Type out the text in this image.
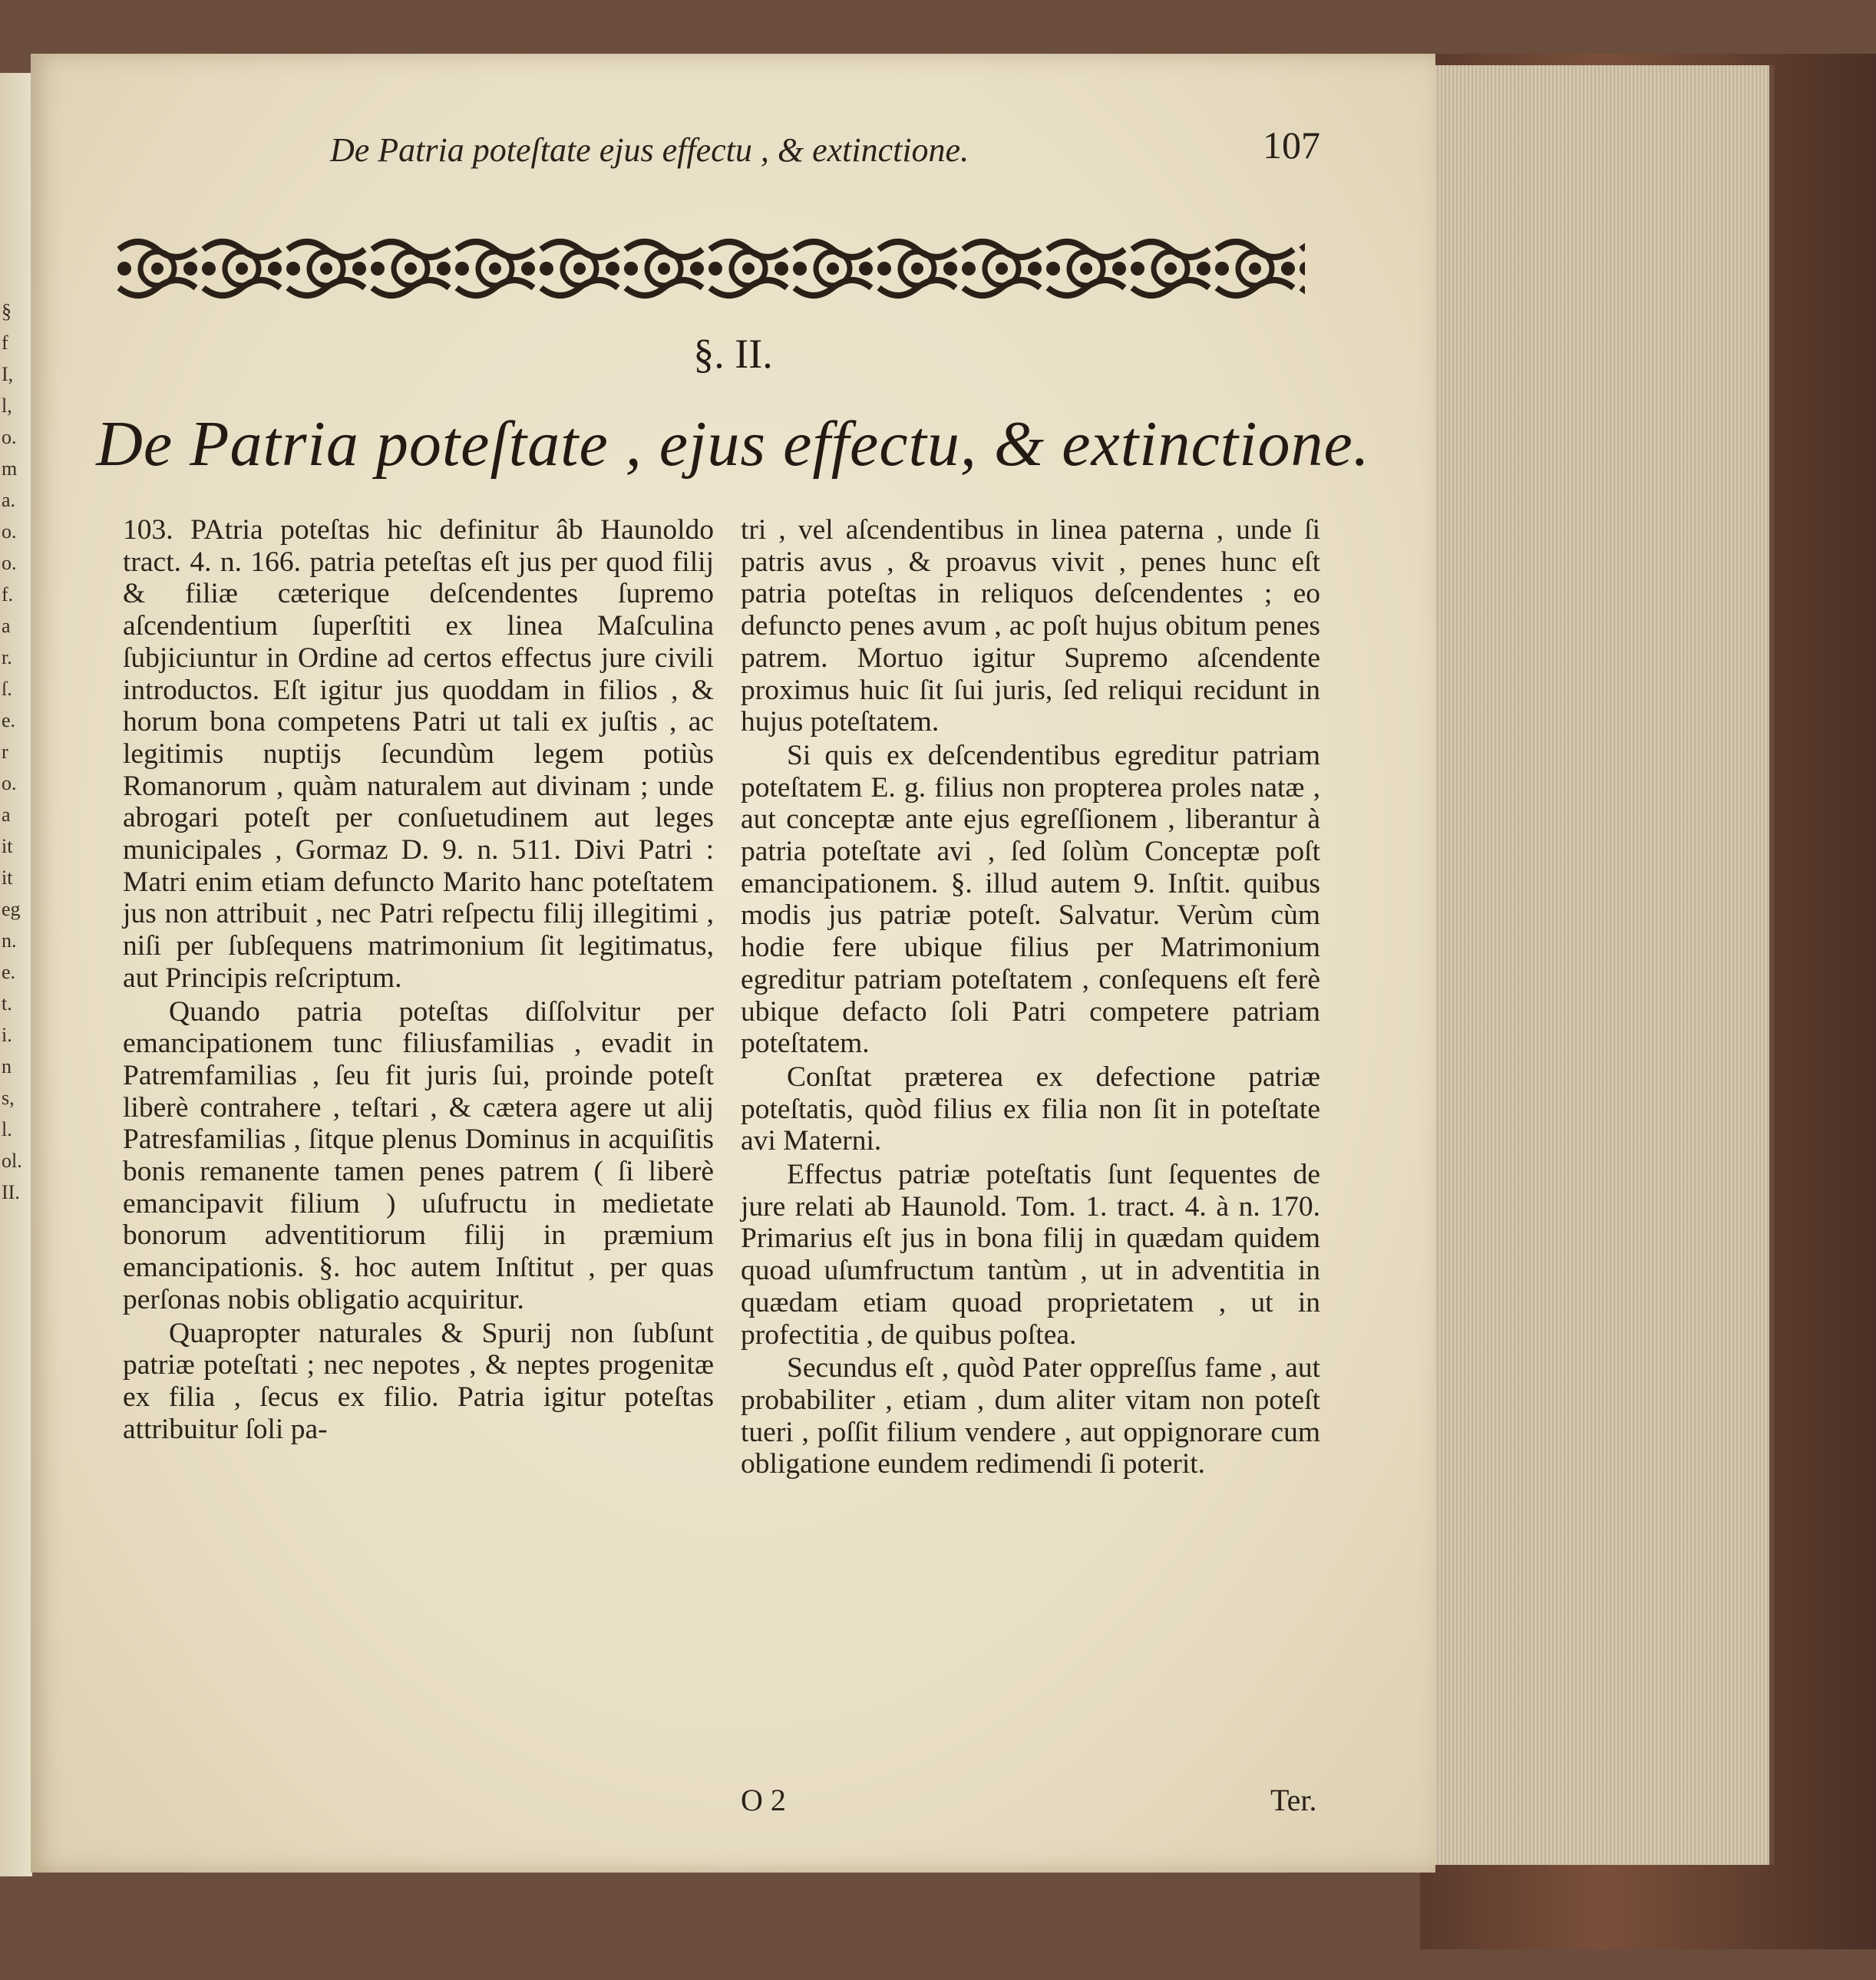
§
f
I,
l,
o.
m
a.
o.
o.
f.
a
r.
ſ.
e.
r
o.
a
it
it
eg
n.
e.
t.
i.
n
s,
l.
ol.
II.
De Patria poteſtate ejus effectu , & extinctione.	107
§. II.
De Patria poteſtate , ejus effectu, & extinctione.

103. PAtria poteſtas hic definitur âb Haunoldo tract. 4. n. 166. patria peteſtas eſt jus per quod filij & filiæ cæterique deſcendentes ſupremo aſcendentium ſuperſtiti ex linea Maſculina ſubjiciuntur in Ordine ad certos effectus jure civili introductos. Eſt igitur jus quoddam in filios , & horum bona competens Patri ut tali ex juſtis , ac legitimis nuptijs ſecundùm legem potiùs Romanorum , quàm naturalem aut divinam ; unde abrogari poteſt per conſuetudinem aut leges municipales , Gormaz D. 9. n. 511. Divi Patri : Matri enim etiam defuncto Marito hanc poteſtatem jus non attribuit , nec Patri reſpectu filij illegitimi , niſi per ſubſequens matrimonium ſit legitimatus, aut Principis reſcriptum.

Quando patria poteſtas diſſolvitur per emancipationem tunc filiusfamilias , evadit in Patremfamilias , ſeu fit juris ſui, proinde poteſt liberè contrahere , teſtari , & cætera agere ut alij Patresfamilias , ſitque plenus Dominus in acquiſitis bonis remanente tamen penes patrem ( ſi liberè emancipavit filium ) uſufructu in medietate bonorum adventitiorum filij in præmium emancipationis. §. hoc autem Inſtitut , per quas perſonas nobis obligatio acquiritur.

Quapropter naturales & Spurij non ſubſunt patriæ poteſtati ; nec nepotes , & neptes progenitæ ex filia , ſecus ex filio. Patria igitur poteſtas attribuitur ſoli pa-

tri , vel aſcendentibus in linea paterna , unde ſi patris avus , & proavus vivit , penes hunc eſt patria poteſtas in reliquos deſcendentes ; eo defuncto penes avum , ac poſt hujus obitum penes patrem. Mortuo igitur Supremo aſcendente proximus huic ſit ſui juris, ſed reliqui recidunt in hujus poteſtatem.

Si quis ex deſcendentibus egreditur patriam poteſtatem E. g. filius non propterea proles natæ , aut conceptæ ante ejus egreſſionem , liberantur à patria poteſtate avi , ſed ſolùm Conceptæ poſt emancipationem. §. illud autem 9. Inſtit. quibus modis jus patriæ poteſt. Salvatur. Verùm cùm hodie fere ubique filius per Matrimonium egreditur patriam poteſtatem , conſequens eſt ferè ubique defacto ſoli Patri competere patriam poteſtatem.

Conſtat præterea ex defectione patriæ poteſtatis, quòd filius ex filia non ſit in poteſtate avi Materni.

Effectus patriæ poteſtatis ſunt ſequentes de jure relati ab Haunold. Tom. 1. tract. 4. à n. 170. Primarius eſt jus in bona filij in quædam quidem quoad uſumfructum tantùm , ut in adventitia in quædam etiam quoad proprietatem , ut in profectitia , de quibus poſtea.

Secundus eſt , quòd Pater oppreſſus fame , aut probabiliter , etiam , dum aliter vitam non poteſt tueri , poſſit filium vendere , aut oppignorare cum obligatione eundem redimendi ſi poterit.

O 2	Ter.
